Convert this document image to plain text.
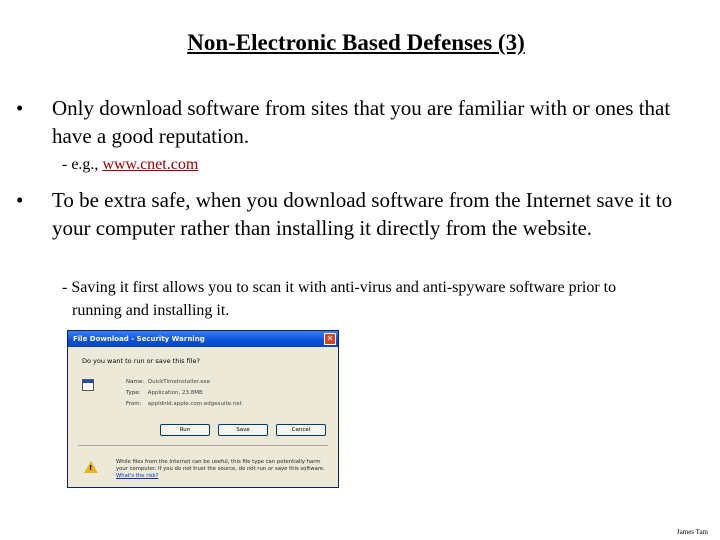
Non-Electronic Based Defenses (3)
• Only download software from sites that you are familiar with or ones that have a good reputation.
- e.g., www.cnet.com
• To be extra safe, when you download software from the Internet save it to your computer rather than installing it directly from the website.
- Saving it first allows you to scan it with anti-virus and anti-spyware software prior to running and installing it.
File Download - Security Warning	✕
Do you want to run or save this file?
Name: QuickTimeInstaller.exe
Type: Application, 23.8MB
From: appldnld.apple.com.edgesuite.net
Run	Save	Cancel
!
While files from the Internet can be useful, this file type can potentially harm your computer. If you do not trust the source, do not run or save this software. What's the risk?
James Tam
